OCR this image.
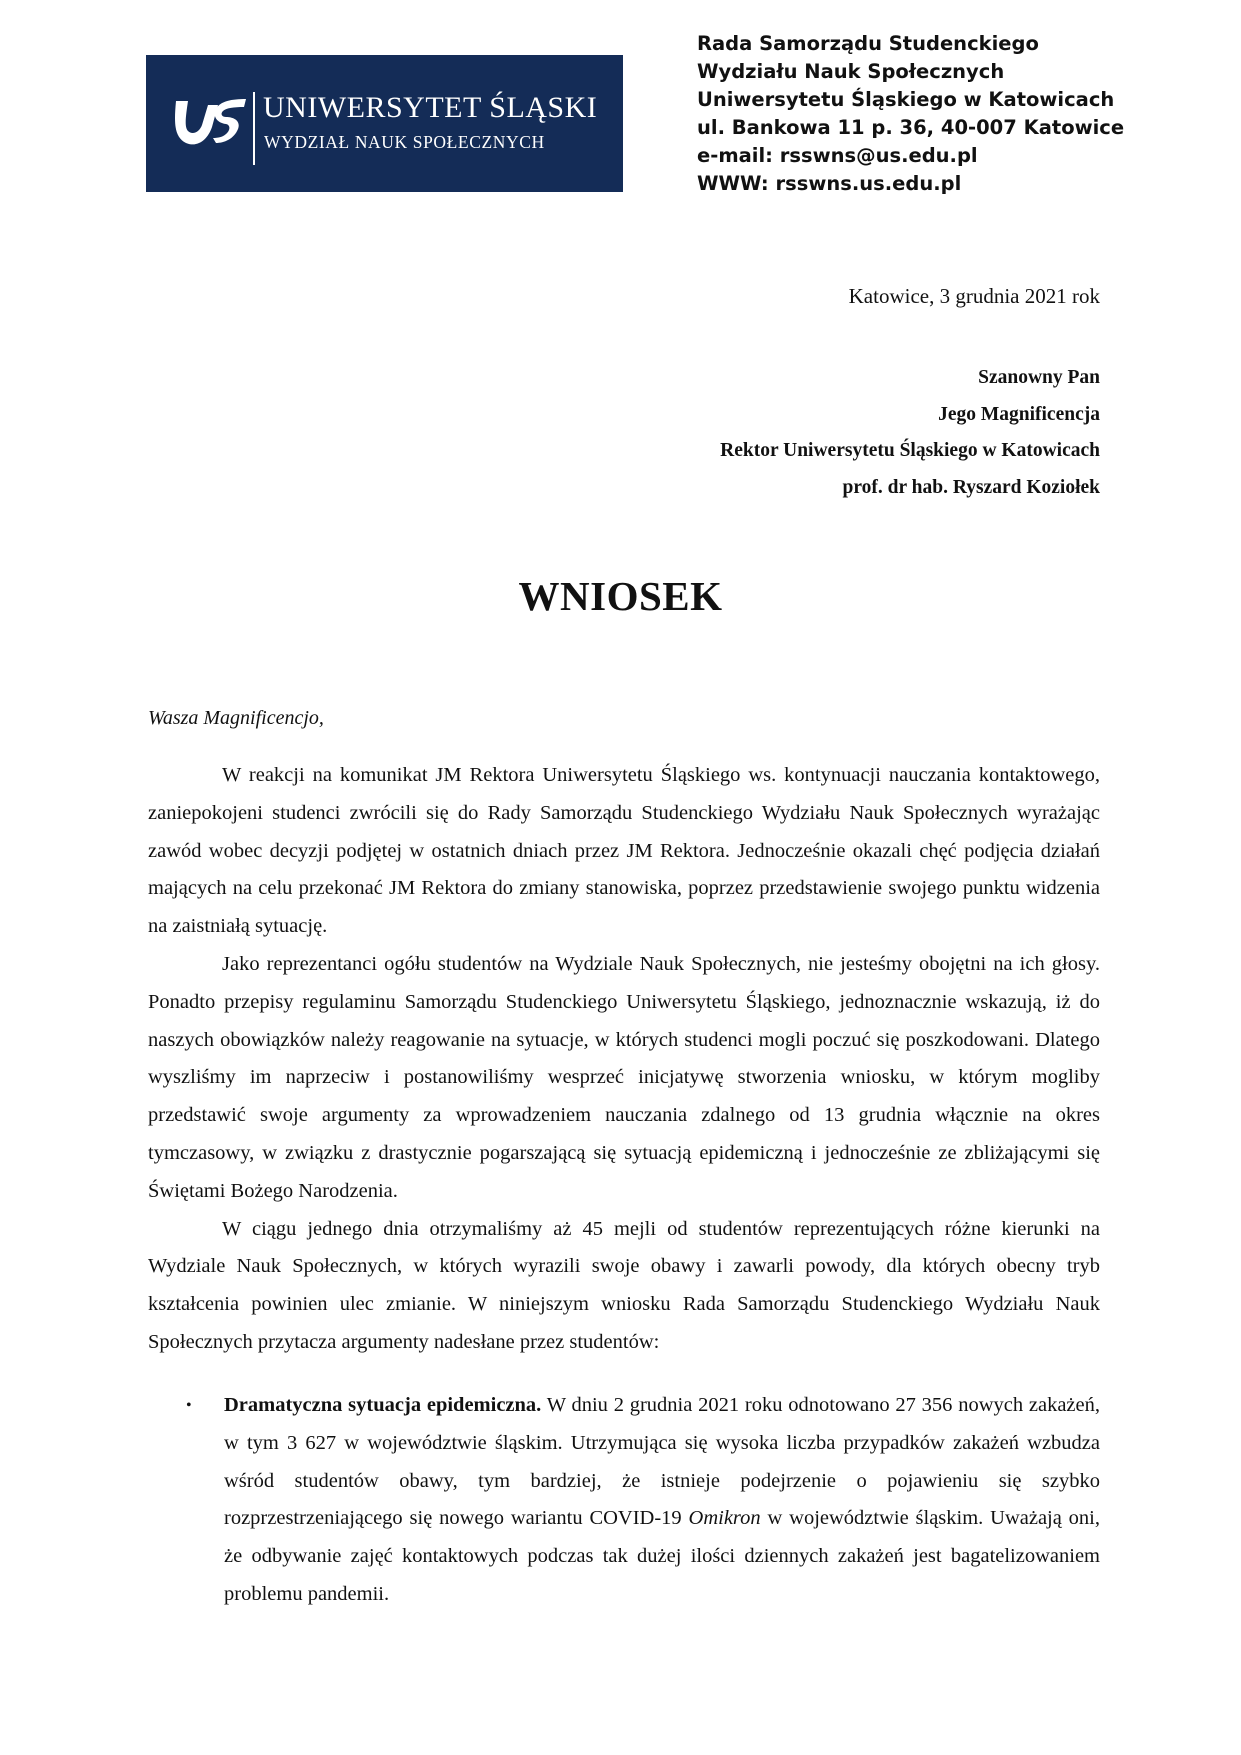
UNIWERSYTET ŚLĄSKI
WYDZIAŁ NAUK SPOŁECZNYCH
Rada Samorządu Studenckiego
Wydziału Nauk Społecznych
Uniwersytetu Śląskiego w Katowicach
ul. Bankowa 11 p. 36, 40-007 Katowice
e-mail: rsswns@us.edu.pl
WWW: rsswns.us.edu.pl
Katowice, 3 grudnia 2021 rok
Szanowny Pan
Jego Magnificencja
Rektor Uniwersytetu Śląskiego w Katowicach
prof. dr hab. Ryszard Koziołek
WNIOSEK
Wasza Magnificencjo,

W reakcji na komunikat JM Rektora Uniwersytetu Śląskiego ws. kontynuacji nauczania kontaktowego, zaniepokojeni studenci zwrócili się do Rady Samorządu Studenckiego Wydziału Nauk Społecznych wyrażając zawód wobec decyzji podjętej w ostatnich dniach przez JM Rektora. Jednocześnie okazali chęć podjęcia działań mających na celu przekonać JM Rektora do zmiany stanowiska, poprzez przedstawienie swojego punktu widzenia na zaistniałą sytuację.

Jako reprezentanci ogółu studentów na Wydziale Nauk Społecznych, nie jesteśmy obojętni na ich głosy. Ponadto przepisy regulaminu Samorządu Studenckiego Uniwersytetu Śląskiego, jednoznacznie wskazują, iż do naszych obowiązków należy reagowanie na sytuacje, w których studenci mogli poczuć się poszkodowani. Dlatego wyszliśmy im naprzeciw i postanowiliśmy wesprzeć inicjatywę stworzenia wniosku, w którym mogliby przedstawić swoje argumenty za wprowadzeniem nauczania zdalnego od 13 grudnia włącznie na okres tymczasowy, w związku z drastycznie pogarszającą się sytuacją epidemiczną i jednocześnie ze zbliżającymi się Świętami Bożego Narodzenia.

W ciągu jednego dnia otrzymaliśmy aż 45 mejli od studentów reprezentujących różne kierunki na Wydziale Nauk Społecznych, w których wyrazili swoje obawy i zawarli powody, dla których obecny tryb kształcenia powinien ulec zmianie. W niniejszym wniosku Rada Samorządu Studenckiego Wydziału Nauk Społecznych przytacza argumenty nadesłane przez studentów:

• Dramatyczna sytuacja epidemiczna. W dniu 2 grudnia 2021 roku odnotowano 27 356 nowych zakażeń, w tym 3 627 w województwie śląskim. Utrzymująca się wysoka liczba przypadków zakażeń wzbudza wśród studentów obawy, tym bardziej, że istnieje podejrzenie o pojawieniu się szybko rozprzestrzeniającego się nowego wariantu COVID-19 Omikron w województwie śląskim. Uważają oni, że odbywanie zajęć kontaktowych podczas tak dużej ilości dziennych zakażeń jest bagatelizowaniem problemu pandemii.
